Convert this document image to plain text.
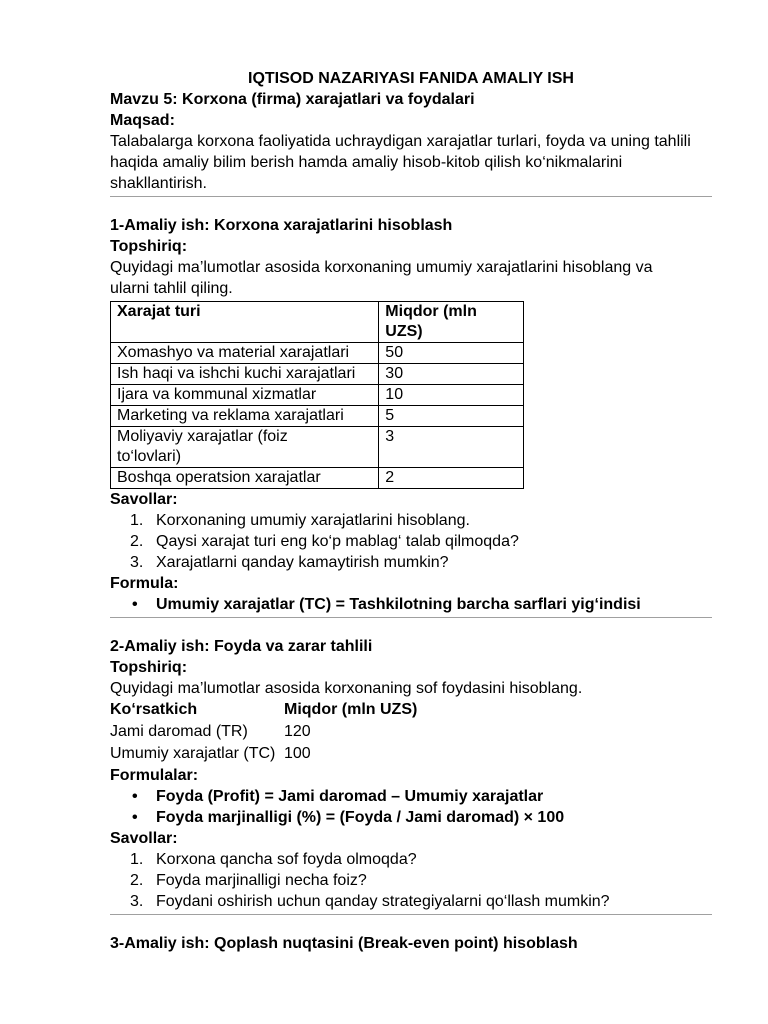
IQTISOD NAZARIYASI FANIDA AMALIY ISH

Mavzu 5: Korxona (firma) xarajatlari va foydalari

Maqsad:

Talabalarga korxona faoliyatida uchraydigan xarajatlar turlari, foyda va uning tahlili

haqida amaliy bilim berish hamda amaliy hisob-kitob qilish ko‘nikmalarini

shakllantirish.

1-Amaliy ish: Korxona xarajatlarini hisoblash

Topshiriq:

Quyidagi ma’lumotlar asosida korxonaning umumiy xarajatlarini hisoblang va

ularni tahlil qiling.

Xarajat turi	Miqdor (mln UZS)
Xomashyo va material xarajatlari	50
Ish haqi va ishchi kuchi xarajatlari	30
Ijara va kommunal xizmatlar	10
Marketing va reklama xarajatlari	5

Moliyaviy xarajatlar (foiz
to‘lovlari)	3
Boshqa operatsion xarajatlar	2

Savollar:

1. Korxonaning umumiy xarajatlarini hisoblang.
2. Qaysi xarajat turi eng ko‘p mablag‘ talab qilmoqda?
3. Xarajatlarni qanday kamaytirish mumkin?

Formula:

• Umumiy xarajatlar (TC) = Tashkilotning barcha sarflari yig‘indisi

2-Amaliy ish: Foyda va zarar tahlili

Topshiriq:

Quyidagi ma’lumotlar asosida korxonaning sof foydasini hisoblang.

Ko‘rsatkich	Miqdor (mln UZS)
Jami daromad (TR)	120
Umumiy xarajatlar (TC)	100

Formulalar:

• Foyda (Profit) = Jami daromad – Umumiy xarajatlar
• Foyda marjinalligi (%) = (Foyda / Jami daromad) × 100

Savollar:

1. Korxona qancha sof foyda olmoqda?
2. Foyda marjinalligi necha foiz?
3. Foydani oshirish uchun qanday strategiyalarni qo‘llash mumkin?

3-Amaliy ish: Qoplash nuqtasini (Break-even point) hisoblash
